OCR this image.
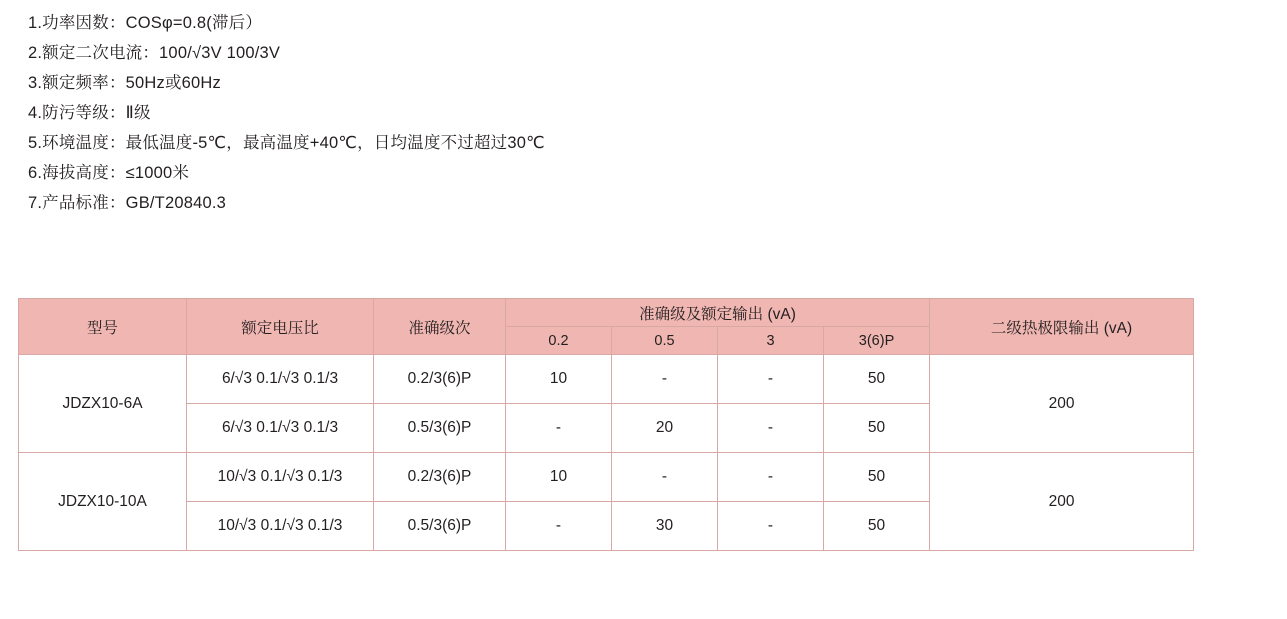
1.功率因数：COSφ=0.8(滞后）
2.额定二次电流：100/√3V 100/3V
3.额定频率：50Hz或60Hz
4.防污等级：Ⅱ级
5.环境温度：最低温度-5℃，最高温度+40℃，日均温度不过超过30℃
6.海拔高度：≤1000米
7.产品标准：GB/T20840.3
型号	额定电压比	准确级次	准确级及额定输出 (vA)				二级热极限输出 (vA)
			0.2	0.5	3	3(6)P	
JDZX10-6A	6/√3 0.1/√3 0.1/3	0.2/3(6)P	10	-	-	50	200
	6/√3 0.1/√3 0.1/3	0.5/3(6)P	-	20	-	50	
JDZX10-10A	10/√3 0.1/√3 0.1/3	0.2/3(6)P	10	-	-	50	200
	10/√3 0.1/√3 0.1/3	0.5/3(6)P	-	30	-	50	
